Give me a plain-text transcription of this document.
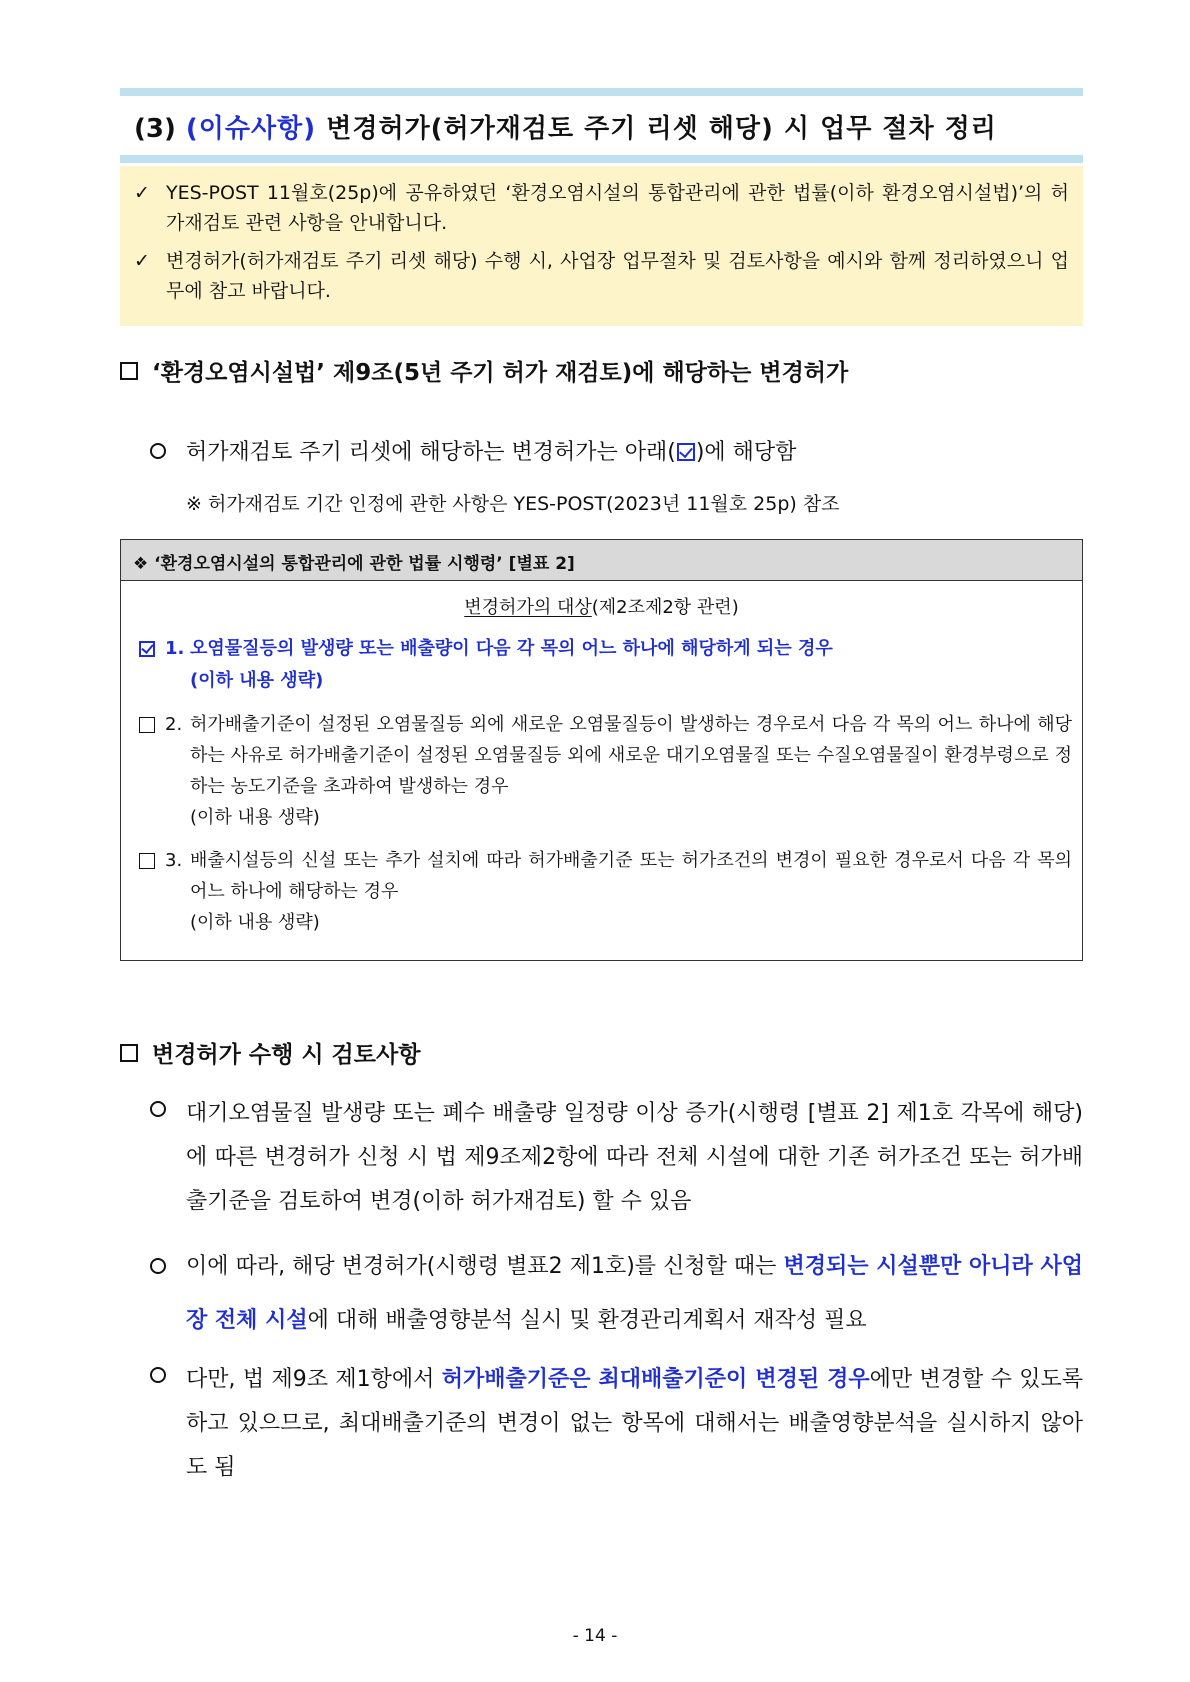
(3) (이슈사항) 변경허가(허가재검토 주기 리셋 해당) 시 업무 절차 정리
✓ YES-POST 11월호(25p)에 공유하였던 ‘환경오염시설의 통합관리에 관한 법률(이하 환경오염시설법)’의 허가재검토 관련 사항을 안내합니다.
✓ 변경허가(허가재검토 주기 리셋 해당) 수행 시, 사업장 업무절차 및 검토사항을 예시와 함께 정리하였으니 업무에 참고 바랍니다.
‘환경오염시설법’ 제9조(5년 주기 허가 재검토)에 해당하는 변경허가
허가재검토 주기 리셋에 해당하는 변경허가는 아래( )에 해당함
※ 허가재검토 기간 인정에 관한 사항은 YES-POST(2023년 11월호 25p) 참조
❖ ‘환경오염시설의 통합관리에 관한 법률 시행령’ [별표 2]
변경허가의 대상(제2조제2항 관련)
1. 오염물질등의 발생량 또는 배출량이 다음 각 목의 어느 하나에 해당하게 되는 경우
(이하 내용 생략)
2. 허가배출기준이 설정된 오염물질등 외에 새로운 오염물질등이 발생하는 경우로서 다음 각 목의 어느 하나에 해당하는 사유로 허가배출기준이 설정된 오염물질등 외에 새로운 대기오염물질 또는 수질오염물질이 환경부령으로 정하는 농도기준을 초과하여 발생하는 경우
(이하 내용 생략)
3. 배출시설등의 신설 또는 추가 설치에 따라 허가배출기준 또는 허가조건의 변경이 필요한 경우로서 다음 각 목의 어느 하나에 해당하는 경우
(이하 내용 생략)
변경허가 수행 시 검토사항
대기오염물질 발생량 또는 폐수 배출량 일정량 이상 증가(시행령 [별표 2] 제1호 각목에 해당)에 따른 변경허가 신청 시 법 제9조제2항에 따라 전체 시설에 대한 기존 허가조건 또는 허가배출기준을 검토하여 변경(이하 허가재검토) 할 수 있음
이에 따라, 해당 변경허가(시행령 별표2 제1호)를 신청할 때는 변경되는 시설뿐만 아니라 사업장 전체 시설에 대해 배출영향분석 실시 및 환경관리계획서 재작성 필요
다만, 법 제9조 제1항에서 허가배출기준은 최대배출기준이 변경된 경우에만 변경할 수 있도록 하고 있으므로, 최대배출기준의 변경이 없는 항목에 대해서는 배출영향분석을 실시하지 않아도 됨
- 14 -
